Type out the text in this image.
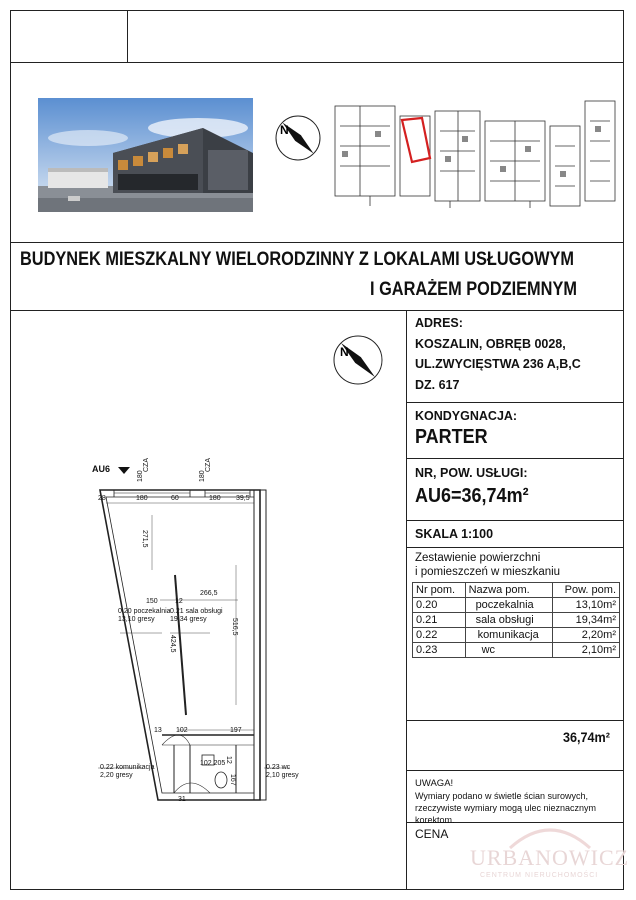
N
N
BUDYNEK MIESZKALNY WIELORODZINNY Z LOKALAMI USŁUGOWYM
I GARAŻEM PODZIEMNYM
ADRES:
KOSZALIN, OBRĘB 0028,
UL.ZWYCIĘSTWA 236 A,B,C
DZ. 617
KONDYGNACJA:
PARTER
NR, POW. USŁUGI:
AU6=36,74m²
SKALA 1:100
Zestawienie powierzchni
i pomieszczeń w mieszkaniu
Nr pom.	Nazwa pom.	Pow. pom.
0.20	poczekalnia	13,10m²
0.21	sala obsługi	19,34m²
0.22	komunikacja	2,20m²
0.23	wc	2,10m²
36,74m²
UWAGA!
Wymiary podano w świetle ścian surowych,
rzeczywiste wymiary mogą ulec nieznacznym
korektom.
CENA
URBANOWICZ
CENTRUM NIERUCHOMOŚCI
AU6	CZA	CZA
180	180
28	180	60	180 39,5
271,5
266,5
150 12
424,5
516,5
0.20 poczekalnia
13,10 gresy
0.21 sala obsługi
19,34 gresy
13 102	197
12
102 205
167
31
0.22 komunikacja
2,20 gresy
0.23 wc
2,10 gresy
